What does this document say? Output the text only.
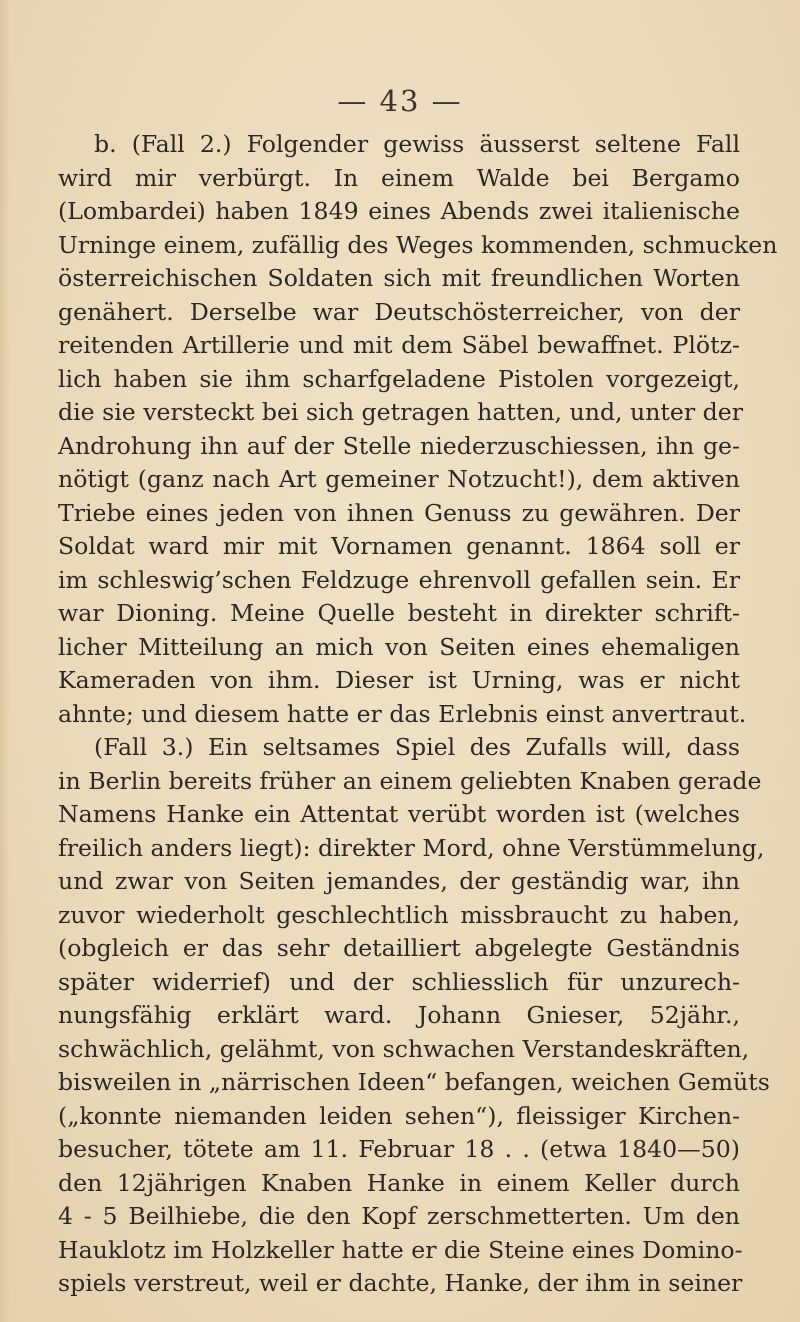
— 43 —
b. (Fall 2.) Folgender gewiss äusserst seltene Fall
wird mir verbürgt. In einem Walde bei Bergamo
(Lombardei) haben 1849 eines Abends zwei italienische
Urninge einem, zufällig des Weges kommenden, schmucken
österreichischen Soldaten sich mit freundlichen Worten
genähert. Derselbe war Deutschösterreicher, von der
reitenden Artillerie und mit dem Säbel bewaffnet. Plötz-
lich haben sie ihm scharfgeladene Pistolen vorgezeigt,
die sie versteckt bei sich getragen hatten, und, unter der
Androhung ihn auf der Stelle niederzuschiessen, ihn ge-
nötigt (ganz nach Art gemeiner Notzucht!), dem aktiven
Triebe eines jeden von ihnen Genuss zu gewähren. Der
Soldat ward mir mit Vornamen genannt. 1864 soll er
im schleswig’schen Feldzuge ehrenvoll gefallen sein. Er
war Dioning. Meine Quelle besteht in direkter schrift-
licher Mitteilung an mich von Seiten eines ehemaligen
Kameraden von ihm. Dieser ist Urning, was er nicht
ahnte; und diesem hatte er das Erlebnis einst anvertraut.
(Fall 3.) Ein seltsames Spiel des Zufalls will, dass
in Berlin bereits früher an einem geliebten Knaben gerade
Namens Hanke ein Attentat verübt worden ist (welches
freilich anders liegt): direkter Mord, ohne Verstümmelung,
und zwar von Seiten jemandes, der geständig war, ihn
zuvor wiederholt geschlechtlich missbraucht zu haben,
(obgleich er das sehr detailliert abgelegte Geständnis
später widerrief) und der schliesslich für unzurech-
nungsfähig erklärt ward. Johann Gnieser, 52jähr.,
schwächlich, gelähmt, von schwachen Verstandeskräften,
bisweilen in „närrischen Ideen“ befangen, weichen Gemüts
(„konnte niemanden leiden sehen“), fleissiger Kirchen-
besucher, tötete am 11. Februar 18 . . (etwa 1840—50)
den 12jährigen Knaben Hanke in einem Keller durch
4 - 5 Beilhiebe, die den Kopf zerschmetterten. Um den
Hauklotz im Holzkeller hatte er die Steine eines Domino-
spiels verstreut, weil er dachte, Hanke, der ihm in seiner
